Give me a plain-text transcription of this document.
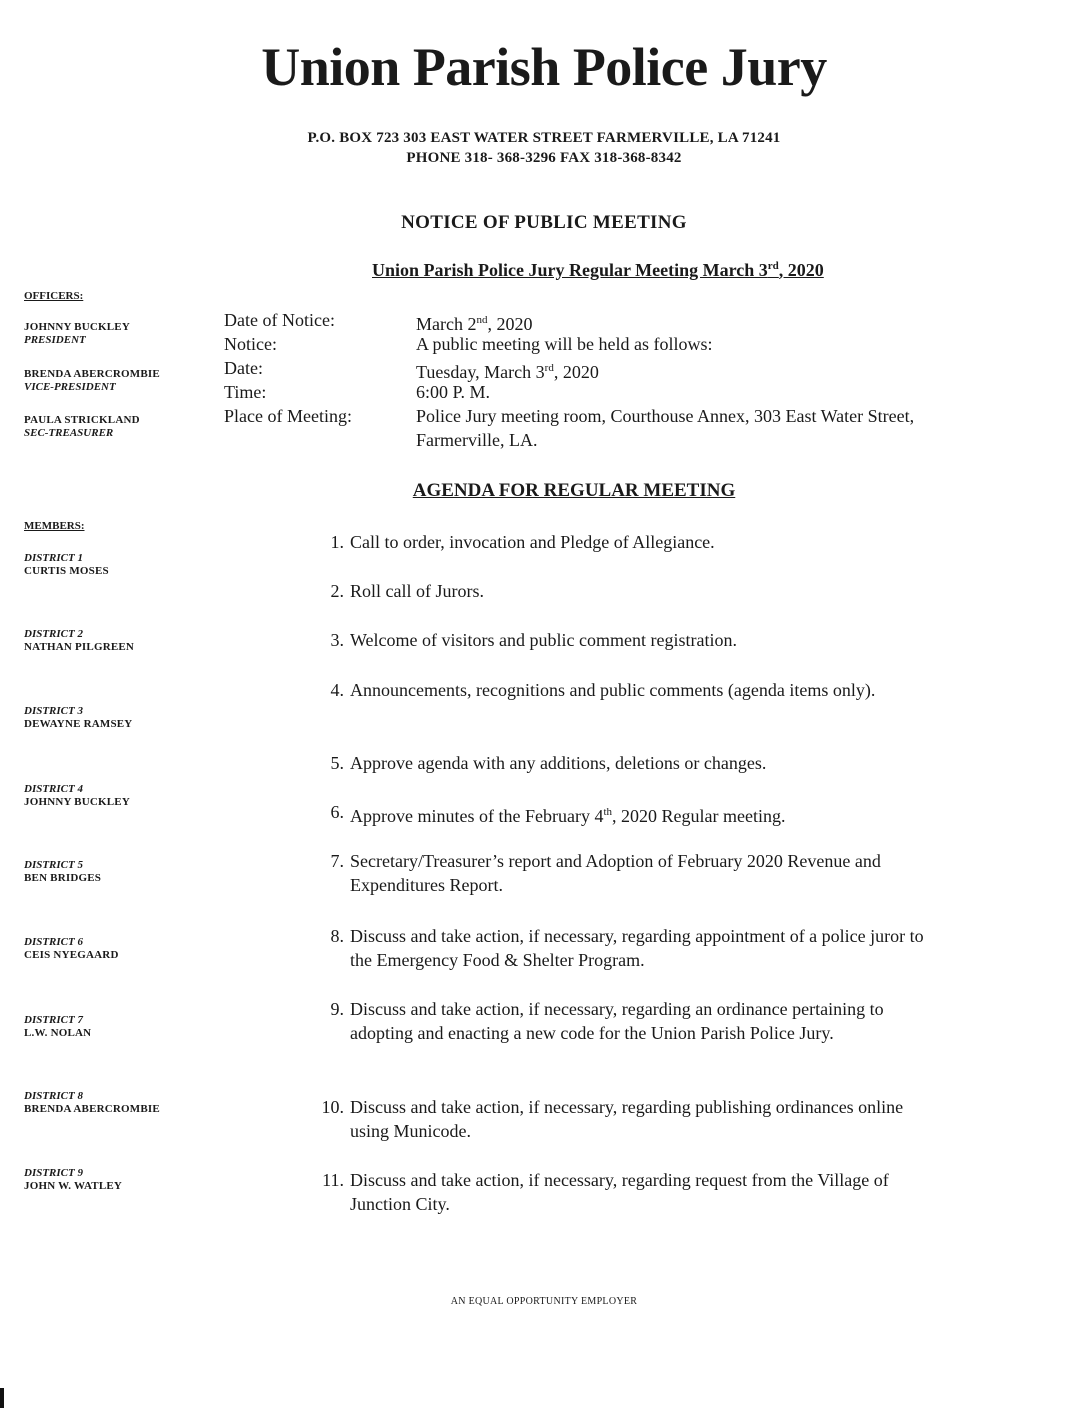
Union Parish Police Jury
P.O. BOX 723 303 EAST WATER STREET FARMERVILLE, LA 71241
PHONE 318- 368-3296 FAX 318-368-8342
NOTICE OF PUBLIC MEETING
Union Parish Police Jury Regular Meeting March 3rd, 2020
OFFICERS:
JOHNNY BUCKLEY
PRESIDENT
BRENDA ABERCROMBIE
VICE-PRESIDENT
PAULA STRICKLAND
SEC-TREASURER
MEMBERS:
DISTRICT 1
CURTIS MOSES
DISTRICT 2
NATHAN PILGREEN
DISTRICT 3
DEWAYNE RAMSEY
DISTRICT 4
JOHNNY BUCKLEY
DISTRICT 5
BEN BRIDGES
DISTRICT 6
CEIS NYEGAARD
DISTRICT 7
L.W. NOLAN
DISTRICT 8
BRENDA ABERCROMBIE
DISTRICT 9
JOHN W. WATLEY
Date of Notice:	March 2nd, 2020
Notice:	A public meeting will be held as follows:
Date:	Tuesday, March 3rd, 2020
Time:	6:00 P. M.
Place of Meeting:	Police Jury meeting room, Courthouse Annex, 303 East Water Street, Farmerville, LA.
AGENDA FOR REGULAR MEETING
1. Call to order, invocation and Pledge of Allegiance.
2. Roll call of Jurors.
3. Welcome of visitors and public comment registration.
4. Announcements, recognitions and public comments (agenda items only).
5. Approve agenda with any additions, deletions or changes.
6. Approve minutes of the February 4th, 2020 Regular meeting.
7. Secretary/Treasurer’s report and Adoption of February 2020 Revenue and Expenditures Report.
8. Discuss and take action, if necessary, regarding appointment of a police juror to the Emergency Food & Shelter Program.
9. Discuss and take action, if necessary, regarding an ordinance pertaining to adopting and enacting a new code for the Union Parish Police Jury.
10. Discuss and take action, if necessary, regarding publishing ordinances online using Municode.
11. Discuss and take action, if necessary, regarding request from the Village of Junction City.
AN EQUAL OPPORTUNITY EMPLOYER
